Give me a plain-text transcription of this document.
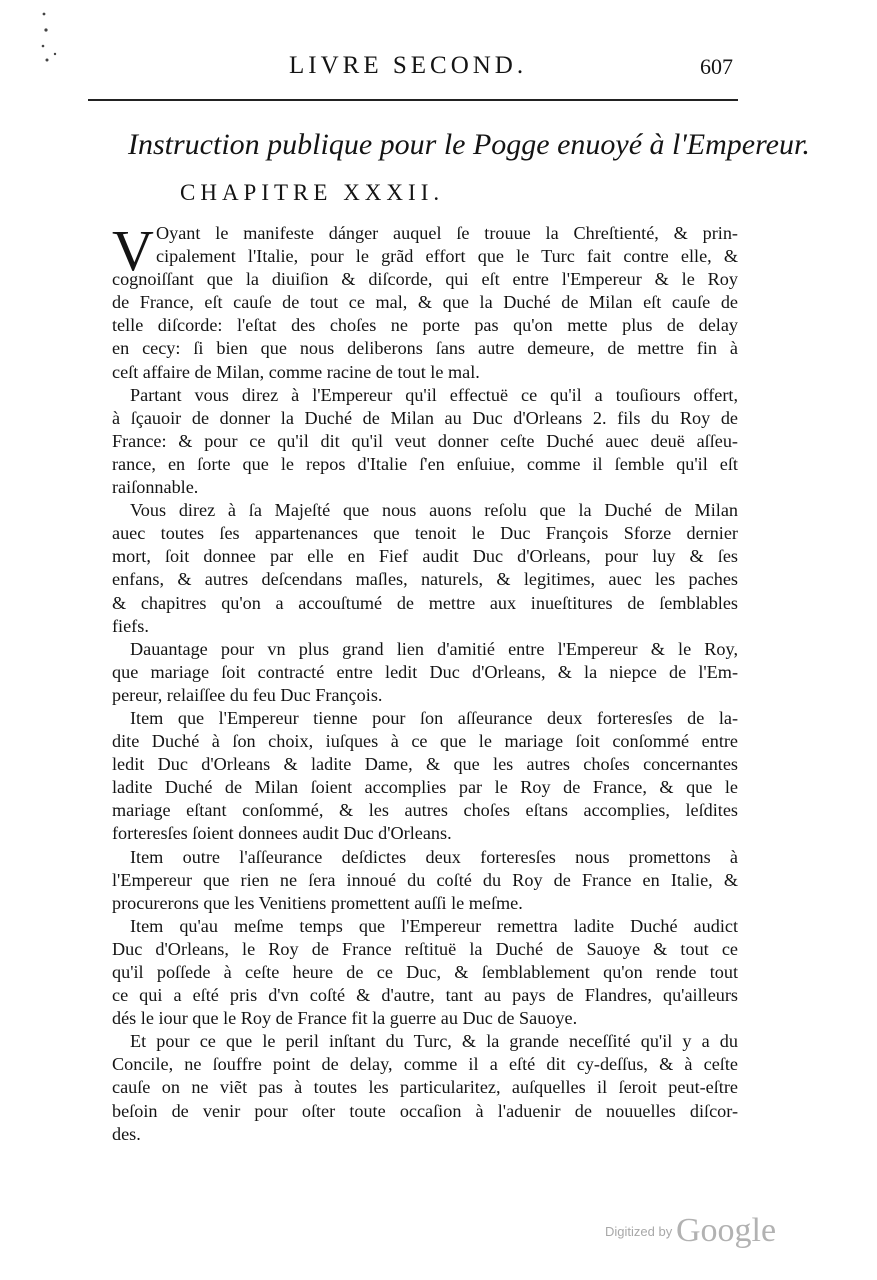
LIVRE SECOND.	607
Instruction publique pour le Pogge enuoyé à l'Empereur.
CHAPITRE XXXII.
V Oyant le manifeste dánger auquel ſe trouue la Chreſtienté, & prin-
cipalement l'Italie, pour le grãd effort que le Turc fait contre elle, &
cognoiſſant que la diuiſion & diſcorde, qui eſt entre l'Empereur & le Roy
de France, eſt cauſe de tout ce mal, & que la Duché de Milan eſt cauſe de
telle diſcorde: l'eſtat des choſes ne porte pas qu'on mette plus de delay
en cecy: ſi bien que nous deliberons ſans autre demeure, de mettre fin à
ceſt affaire de Milan, comme racine de tout le mal.
Partant vous direz à l'Empereur qu'il effectuë ce qu'il a touſiours offert,
à ſçauoir de donner la Duché de Milan au Duc d'Orleans 2. fils du Roy de
France: & pour ce qu'il dit qu'il veut donner ceſte Duché auec deuë aſſeu-
rance, en ſorte que le repos d'Italie ſ'en enſuiue, comme il ſemble qu'il eſt
raiſonnable.
Vous direz à ſa Majeſté que nous auons reſolu que la Duché de Milan
auec toutes ſes appartenances que tenoit le Duc François Sforze dernier
mort, ſoit donnee par elle en Fief audit Duc d'Orleans, pour luy & ſes
enfans, & autres deſcendans maſles, naturels, & legitimes, auec les paches
& chapitres qu'on a accouſtumé de mettre aux inueſtitures de ſemblables
fiefs.
Dauantage pour vn plus grand lien d'amitié entre l'Empereur & le Roy,
que mariage ſoit contracté entre ledit Duc d'Orleans, & la niepce de l'Em-
pereur, relaiſſee du feu Duc François.
Item que l'Empereur tienne pour ſon aſſeurance deux forteresſes de la-
dite Duché à ſon choix, iuſques à ce que le mariage ſoit conſommé entre
ledit Duc d'Orleans & ladite Dame, & que les autres choſes concernantes
ladite Duché de Milan ſoient accomplies par le Roy de France, & que le
mariage eſtant conſommé, & les autres choſes eſtans accomplies, leſdites
forteresſes ſoient donnees audit Duc d'Orleans.
Item outre l'aſſeurance deſdictes deux forteresſes nous promettons à
l'Empereur que rien ne ſera innoué du coſté du Roy de France en Italie, &
procurerons que les Venitiens promettent auſſi le meſme.
Item qu'au meſme temps que l'Empereur remettra ladite Duché audict
Duc d'Orleans, le Roy de France reſtituë la Duché de Sauoye & tout ce
qu'il poſſede à ceſte heure de ce Duc, & ſemblablement qu'on rende tout
ce qui a eſté pris d'vn coſté & d'autre, tant au pays de Flandres, qu'ailleurs
dés le iour que le Roy de France fit la guerre au Duc de Sauoye.
Et pour ce que le peril inſtant du Turc, & la grande neceſſité qu'il y a du
Concile, ne ſouffre point de delay, comme il a eſté dit cy-deſſus, & à ceſte
cauſe on ne viẽt pas à toutes les particularitez, auſquelles il ſeroit peut-eſtre
beſoin de venir pour oſter toute occaſion à l'aduenir de nouuelles diſcor-
des.
Digitized by Google
